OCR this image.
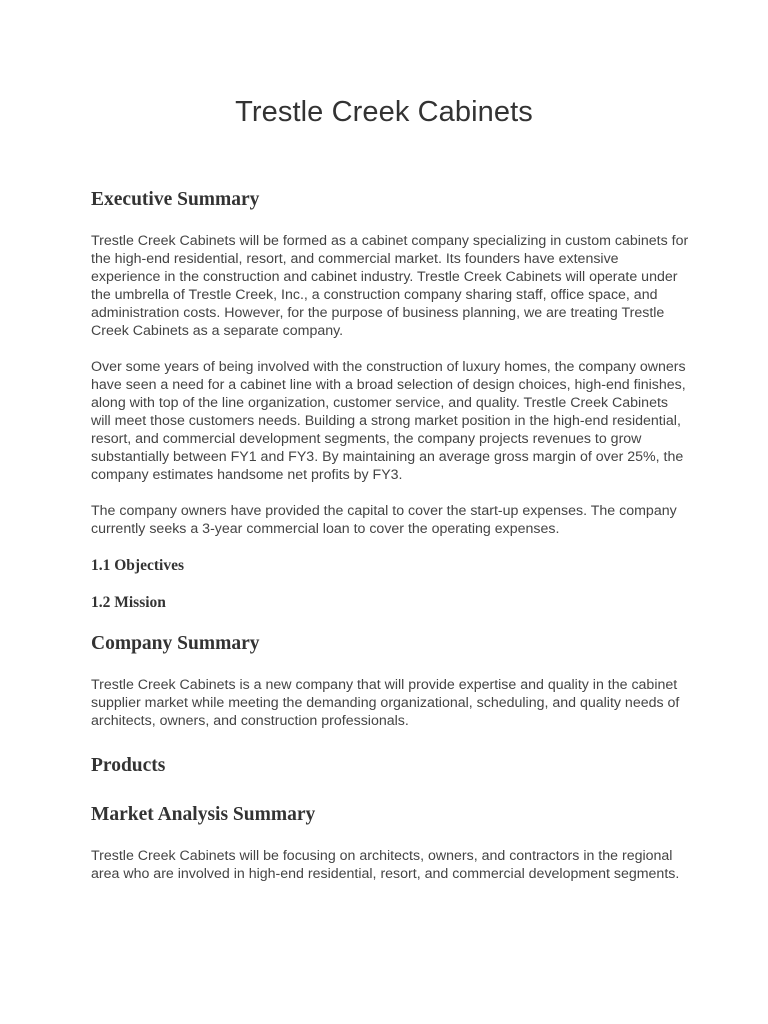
Trestle Creek Cabinets
Executive Summary

Trestle Creek Cabinets will be formed as a cabinet company specializing in custom cabinets for the high-end residential, resort, and commercial market. Its founders have extensive experience in the construction and cabinet industry. Trestle Creek Cabinets will operate under the umbrella of Trestle Creek, Inc., a construction company sharing staff, office space, and administration costs. However, for the purpose of business planning, we are treating Trestle Creek Cabinets as a separate company.

Over some years of being involved with the construction of luxury homes, the company owners have seen a need for a cabinet line with a broad selection of design choices, high-end finishes, along with top of the line organization, customer service, and quality. Trestle Creek Cabinets will meet those customers needs. Building a strong market position in the high-end residential, resort, and commercial development segments, the company projects revenues to grow substantially between FY1 and FY3. By maintaining an average gross margin of over 25%, the company estimates handsome net profits by FY3.

The company owners have provided the capital to cover the start-up expenses. The company currently seeks a 3-year commercial loan to cover the operating expenses.

1.1 Objectives
1.2 Mission
Company Summary

Trestle Creek Cabinets is a new company that will provide expertise and quality in the cabinet supplier market while meeting the demanding organizational, scheduling, and quality needs of architects, owners, and construction professionals.

Products
Market Analysis Summary

Trestle Creek Cabinets will be focusing on architects, owners, and contractors in the regional area who are involved in high-end residential, resort, and commercial development segments.
